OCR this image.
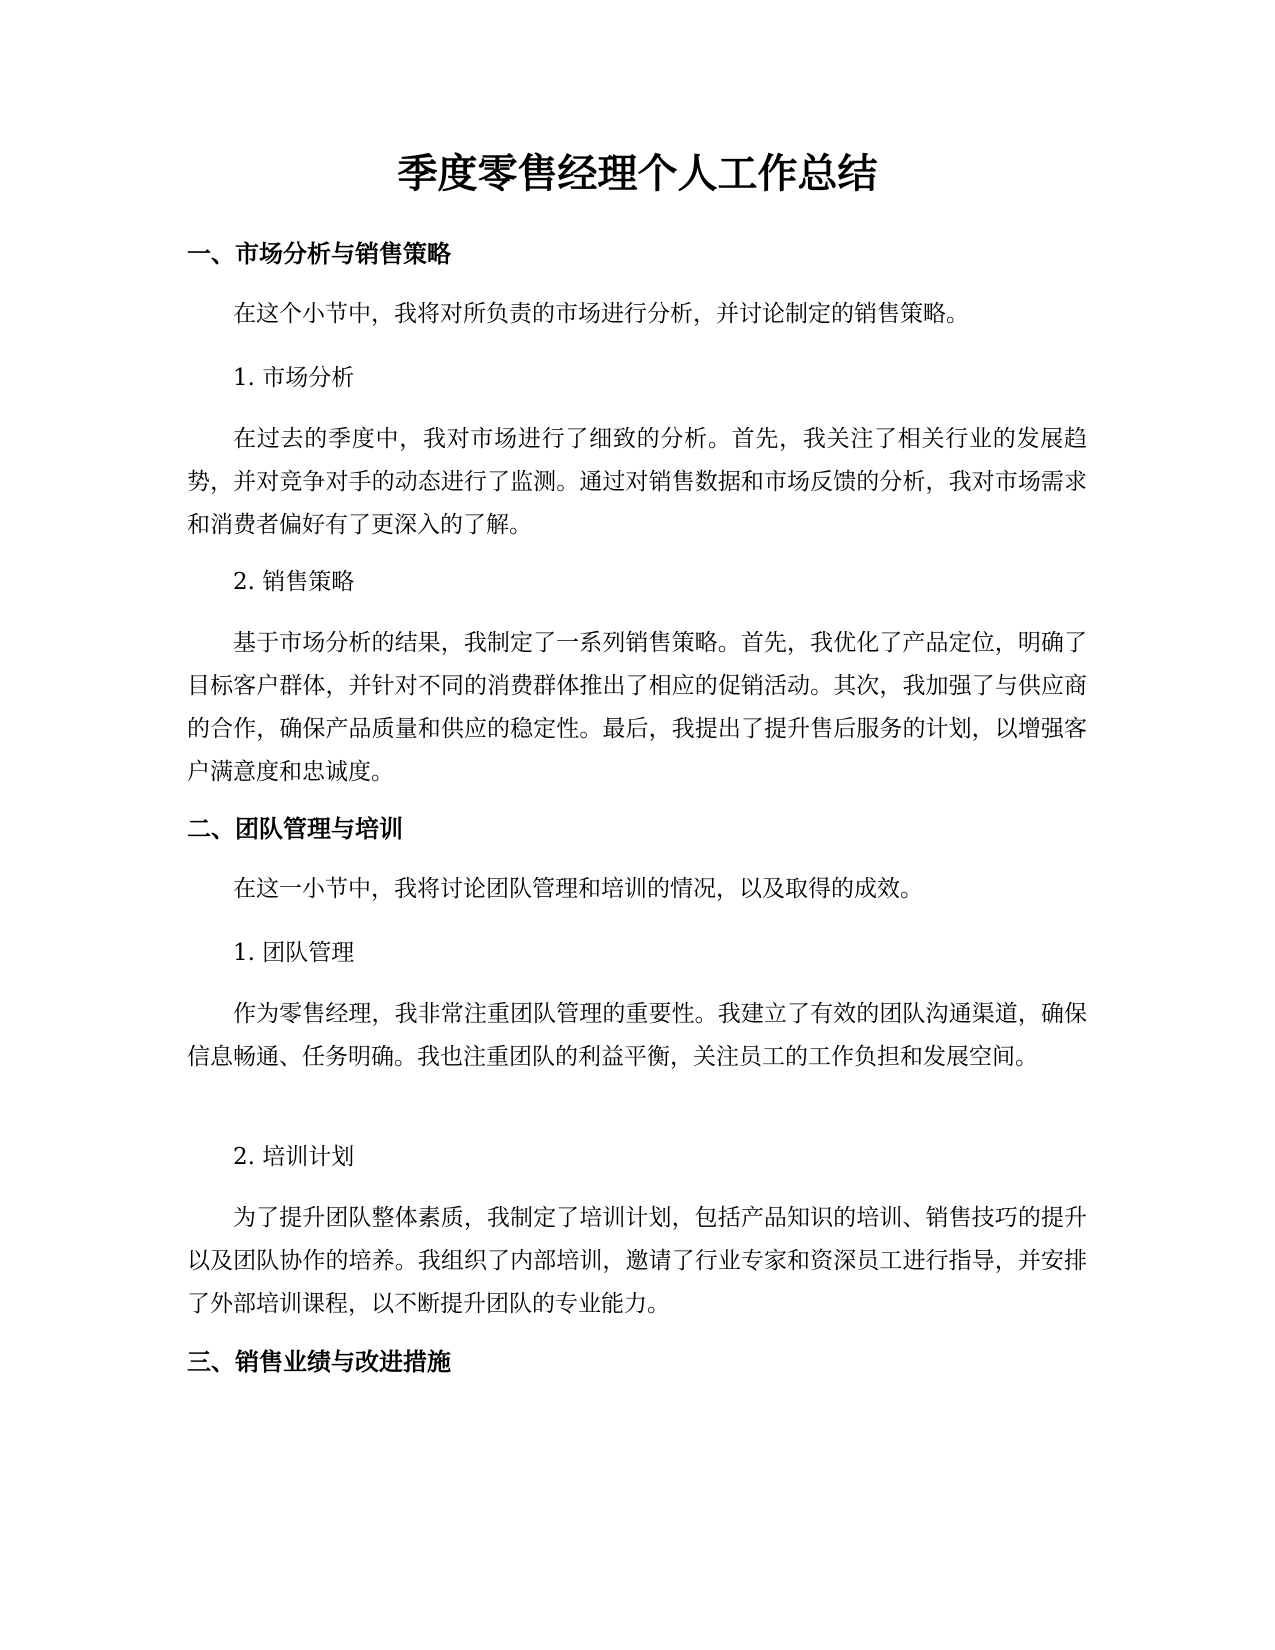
季度零售经理个人工作总结
一、市场分析与销售策略

在这个小节中，我将对所负责的市场进行分析，并讨论制定的销售策略。

1. 市场分析

在过去的季度中，我对市场进行了细致的分析。首先，我关注了相关行业的发展趋势，并对竞争对手的动态进行了监测。通过对销售数据和市场反馈的分析，我对市场需求和消费者偏好有了更深入的了解。

2. 销售策略

基于市场分析的结果，我制定了一系列销售策略。首先，我优化了产品定位，明确了目标客户群体，并针对不同的消费群体推出了相应的促销活动。其次，我加强了与供应商的合作，确保产品质量和供应的稳定性。最后，我提出了提升售后服务的计划，以增强客户满意度和忠诚度。

二、团队管理与培训

在这一小节中，我将讨论团队管理和培训的情况，以及取得的成效。

1. 团队管理

作为零售经理，我非常注重团队管理的重要性。我建立了有效的团队沟通渠道，确保信息畅通、任务明确。我也注重团队的利益平衡，关注员工的工作负担和发展空间。

2. 培训计划

为了提升团队整体素质，我制定了培训计划，包括产品知识的培训、销售技巧的提升以及团队协作的培养。我组织了内部培训，邀请了行业专家和资深员工进行指导，并安排了外部培训课程，以不断提升团队的专业能力。

三、销售业绩与改进措施
